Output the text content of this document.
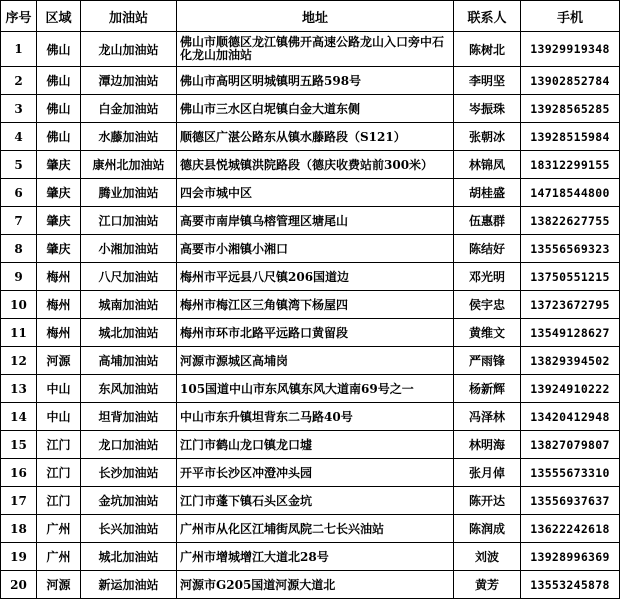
序号	区域	加油站	地址	联系人	手机
1	佛山	龙山加油站	佛山市顺德区龙江镇佛开高速公路龙山入口旁中石化龙山加油站	陈树北	13929919348
2	佛山	潭边加油站	佛山市高明区明城镇明五路598号	李明坚	13902852784
3	佛山	白金加油站	佛山市三水区白坭镇白金大道东侧	岑振珠	13928565285
4	佛山	水藤加油站	顺德区广湛公路东从镇水藤路段（S121）	张朝冰	13928515984
5	肇庆	康州北加油站	德庆县悦城镇洪院路段（德庆收费站前300米）	林锦凤	18312299155
6	肇庆	腾业加油站	四会市城中区	胡桂盛	14718544800
7	肇庆	江口加油站	高要市南岸镇乌榕管理区塘尾山	伍惠群	13822627755
8	肇庆	小湘加油站	高要市小湘镇小湘口	陈结好	13556569323
9	梅州	八尺加油站	梅州市平远县八尺镇206国道边	邓光明	13750551215
10	梅州	城南加油站	梅州市梅江区三角镇湾下杨屋四	侯宇忠	13723672795
11	梅州	城北加油站	梅州市环市北路平远路口黄留段	黄维文	13549128627
12	河源	高埔加油站	河源市源城区高埔岗	严雨锋	13829394502
13	中山	东风加油站	105国道中山市东风镇东风大道南69号之一	杨新辉	13924910222
14	中山	坦背加油站	中山市东升镇坦背东二马路40号	冯泽林	13420412948
15	江门	龙口加油站	江门市鹤山龙口镇龙口墟	林明海	13827079807
16	江门	长沙加油站	开平市长沙区冲澄冲头园	张月倬	13555673310
17	江门	金坑加油站	江门市蓬下镇石头区金坑	陈开达	13556937637
18	广州	长兴加油站	广州市从化区江埔街凤院二七长兴油站	陈润成	13622242618
19	广州	城北加油站	广州市增城增江大道北28号	刘波	13928996369
20	河源	新运加油站	河源市G205国道河源大道北	黄芳	13553245878
